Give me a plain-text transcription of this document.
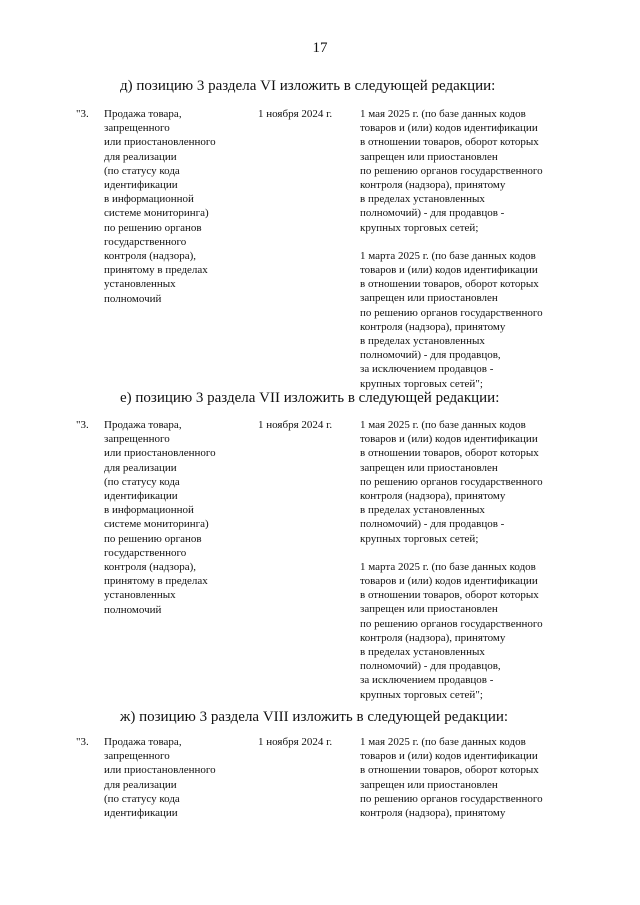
17
д) позицию 3 раздела VI изложить в следующей редакции:
"3. Продажа товара,
запрещенного
или приостановленного
для реализации
(по статусу кода
идентификации
в информационной
системе мониторинга)
по решению органов
государственного
контроля (надзора),
принятому в пределах
установленных
полномочий
1 ноября 2024 г.	1 мая 2025 г. (по базе данных кодов
товаров и (или) кодов идентификации
в отношении товаров, оборот которых
запрещен или приостановлен
по решению органов государственного
контроля (надзора), принятому
в пределах установленных
полномочий) - для продавцов -
крупных торговых сетей;
1 марта 2025 г. (по базе данных кодов
товаров и (или) кодов идентификации
в отношении товаров, оборот которых
запрещен или приостановлен
по решению органов государственного
контроля (надзора), принятому
в пределах установленных
полномочий) - для продавцов,
за исключением продавцов -
крупных торговых сетей";
е) позицию 3 раздела VII изложить в следующей редакции:
"3. Продажа товара,
запрещенного
или приостановленного
для реализации
(по статусу кода
идентификации
в информационной
системе мониторинга)
по решению органов
государственного
контроля (надзора),
принятому в пределах
установленных
полномочий
1 ноября 2024 г.	1 мая 2025 г. (по базе данных кодов
товаров и (или) кодов идентификации
в отношении товаров, оборот которых
запрещен или приостановлен
по решению органов государственного
контроля (надзора), принятому
в пределах установленных
полномочий) - для продавцов -
крупных торговых сетей;
1 марта 2025 г. (по базе данных кодов
товаров и (или) кодов идентификации
в отношении товаров, оборот которых
запрещен или приостановлен
по решению органов государственного
контроля (надзора), принятому
в пределах установленных
полномочий) - для продавцов,
за исключением продавцов -
крупных торговых сетей";
ж) позицию 3 раздела VIII изложить в следующей редакции:
"3. Продажа товара,
запрещенного
или приостановленного
для реализации
(по статусу кода
идентификации
1 ноября 2024 г.	1 мая 2025 г. (по базе данных кодов
товаров и (или) кодов идентификации
в отношении товаров, оборот которых
запрещен или приостановлен
по решению органов государственного
контроля (надзора), принятому
